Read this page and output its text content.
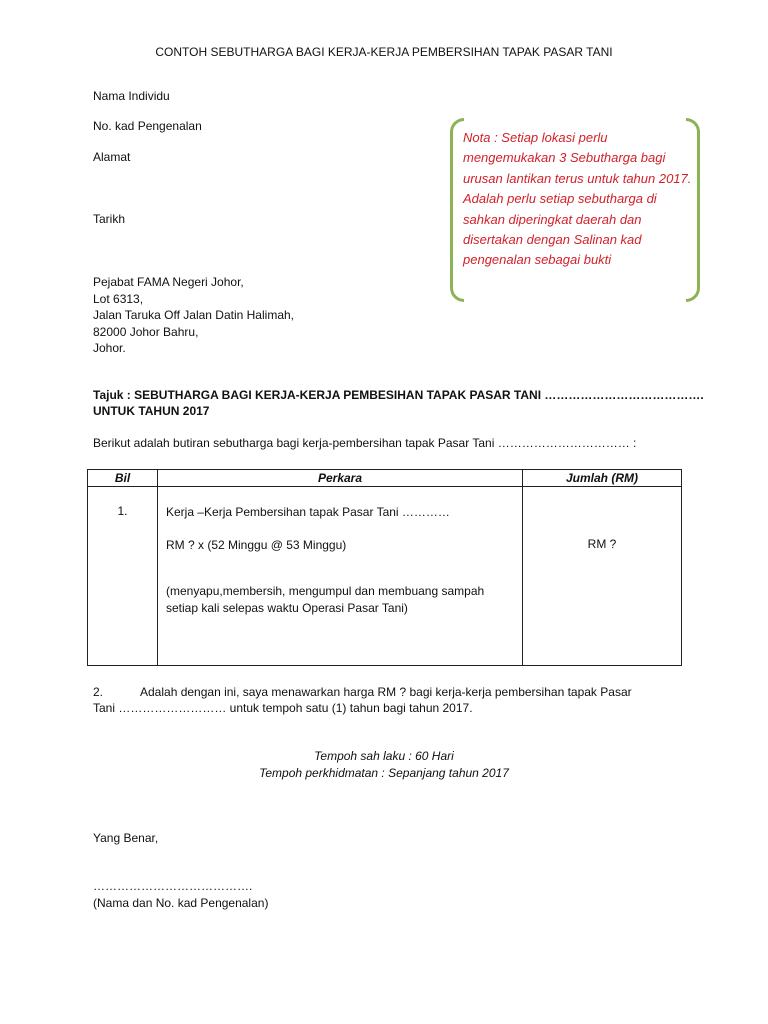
CONTOH SEBUTHARGA BAGI KERJA-KERJA PEMBERSIHAN TAPAK PASAR TANI
Nama Individu
No. kad Pengenalan
Alamat
Tarikh
Pejabat FAMA Negeri Johor,
Lot 6313,
Jalan Taruka Off Jalan Datin Halimah,
82000 Johor Bahru,
Johor.
Nota : Setiap lokasi perlu mengemukakan 3 Sebutharga bagi urusan lantikan terus untuk tahun 2017. Adalah perlu setiap sebutharga di sahkan diperingkat daerah dan disertakan dengan Salinan kad pengenalan sebagai bukti
Tajuk : SEBUTHARGA BAGI KERJA-KERJA PEMBESIHAN TAPAK PASAR TANI ………………………………….
UNTUK TAHUN 2017
Berikut adalah butiran sebutharga bagi kerja-pembersihan tapak Pasar Tani …………………………… :
Bil	Perkara	Jumlah (RM)
1.	Kerja –Kerja Pembersihan tapak Pasar Tani …………
RM ? x (52 Minggu @ 53 Minggu)
(menyapu,membersih, mengumpul dan membuang sampah
setiap kali selepas waktu Operasi Pasar Tani)	RM ?
2.	Adalah dengan ini, saya menawarkan harga RM ? bagi kerja-kerja pembersihan tapak Pasar
Tani ……………………… untuk tempoh satu (1) tahun bagi tahun 2017.
Tempoh sah laku : 60 Hari
Tempoh perkhidmatan : Sepanjang tahun 2017
Yang Benar,
………………………………….
(Nama dan No. kad Pengenalan)
